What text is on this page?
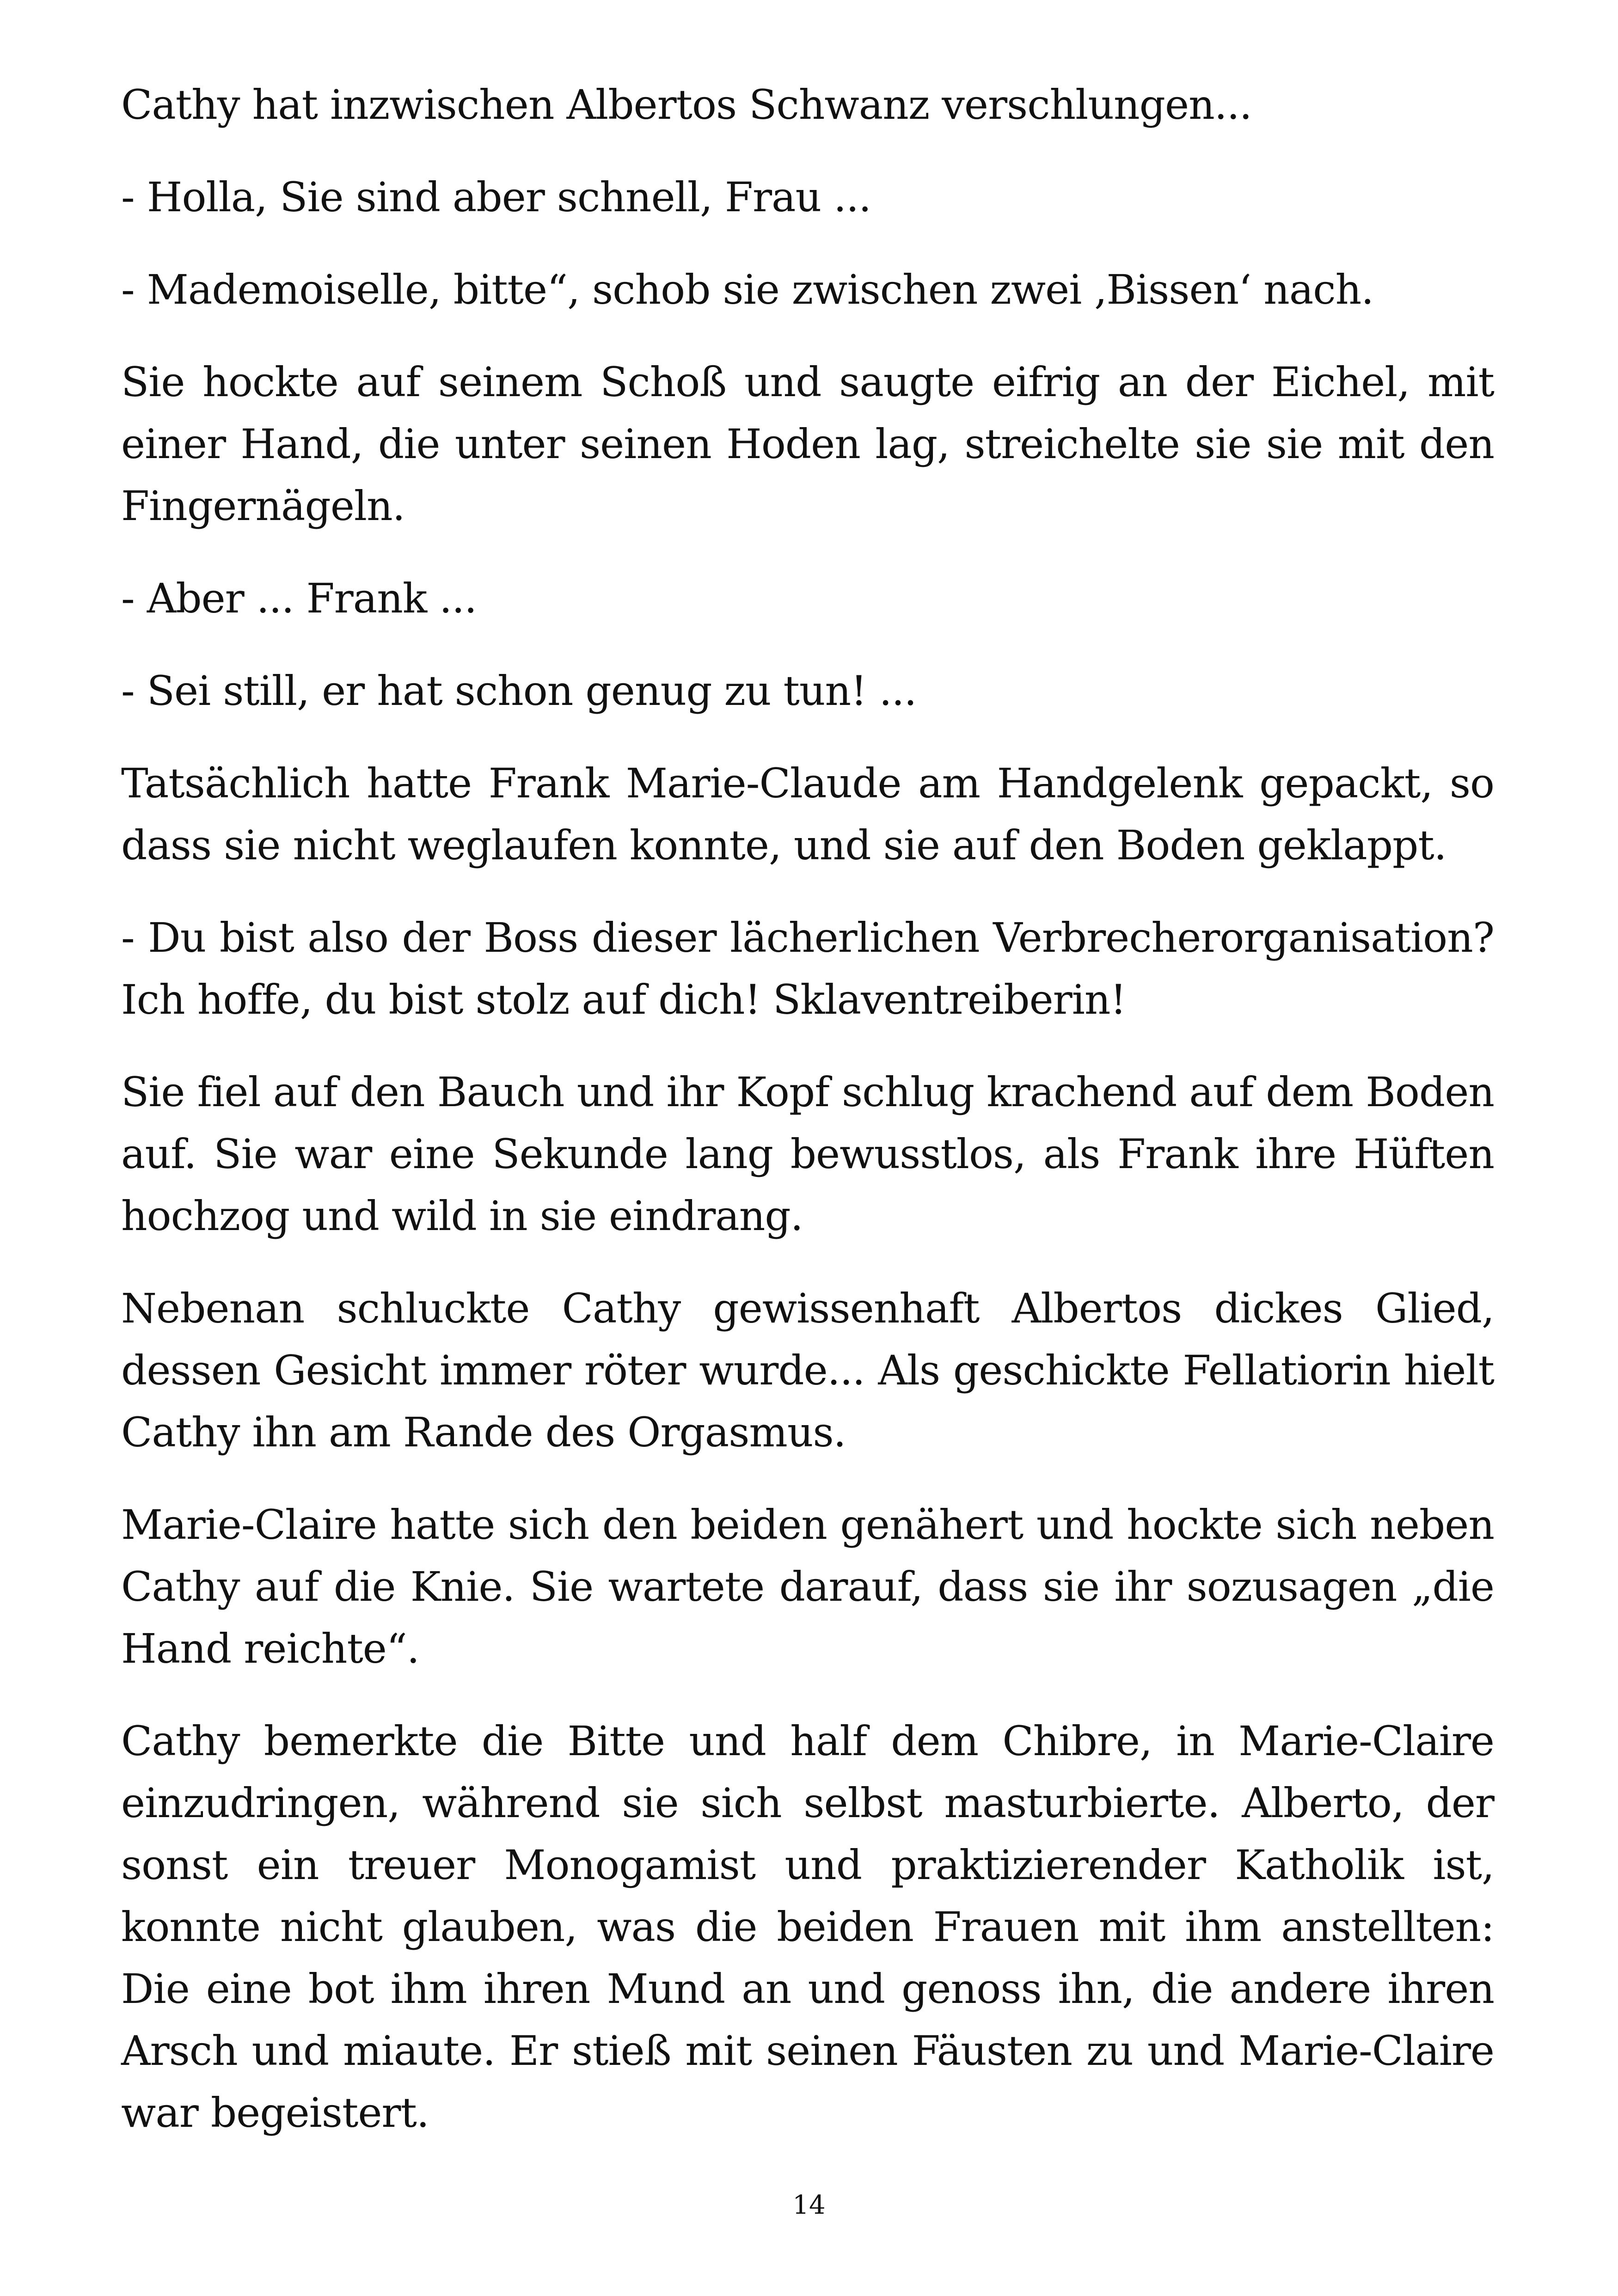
Cathy hat inzwischen Albertos Schwanz verschlungen...

- Holla, Sie sind aber schnell, Frau ...

- Mademoiselle, bitte“, schob sie zwischen zwei ‚Bissen‘ nach.

Sie hockte auf seinem Schoß und saugte eifrig an der Eichel, mit einer Hand, die unter seinen Hoden lag, streichelte sie sie mit den Fingernägeln.

- Aber ... Frank ...

- Sei still, er hat schon genug zu tun! ...

Tatsächlich hatte Frank Marie-Claude am Handgelenk gepackt, so dass sie nicht weglaufen konnte, und sie auf den Boden geklappt.

- Du bist also der Boss dieser lächerlichen Verbrecherorganisation? Ich hoffe, du bist stolz auf dich! Sklaventreiberin!

Sie fiel auf den Bauch und ihr Kopf schlug krachend auf dem Boden auf. Sie war eine Sekunde lang bewusstlos, als Frank ihre Hüften hochzog und wild in sie eindrang.

Nebenan schluckte Cathy gewissenhaft Albertos dickes Glied, dessen Gesicht immer röter wurde... Als geschickte Fellatiorin hielt Cathy ihn am Rande des Orgasmus.

Marie-Claire hatte sich den beiden genähert und hockte sich neben Cathy auf die Knie. Sie wartete darauf, dass sie ihr sozusagen „die Hand reichte“.

Cathy bemerkte die Bitte und half dem Chibre, in Marie-Claire einzudringen, während sie sich selbst masturbierte. Alberto, der sonst ein treuer Monogamist und praktizierender Katholik ist, konnte nicht glauben, was die beiden Frauen mit ihm anstellten: Die eine bot ihm ihren Mund an und genoss ihn, die andere ihren Arsch und miaute. Er stieß mit seinen Fäusten zu und Marie-Claire war begeistert.

14
